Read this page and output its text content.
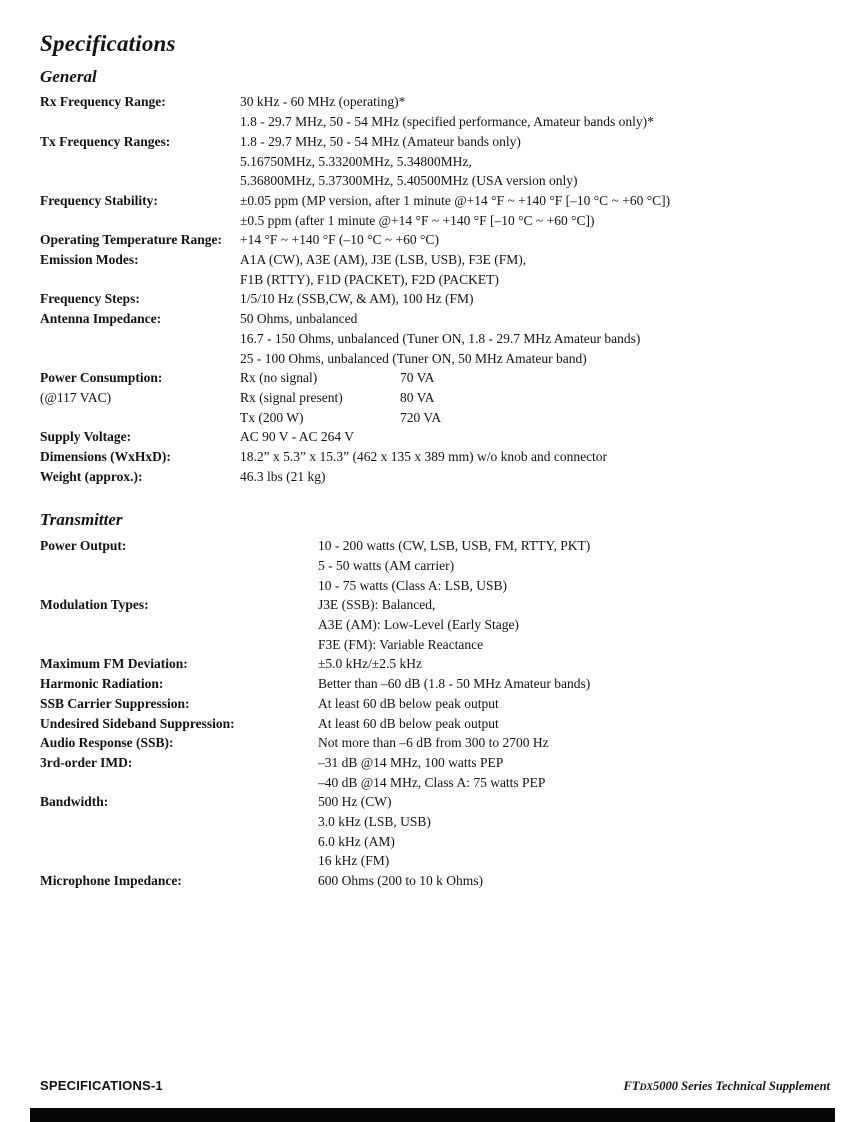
Specifications
General
Rx Frequency Range:	30 kHz - 60 MHz (operating)*
1.8 - 29.7 MHz, 50 - 54 MHz (specified performance, Amateur bands only)*
Tx Frequency Ranges:	1.8 - 29.7 MHz, 50 - 54 MHz (Amateur bands only)
5.16750MHz, 5.33200MHz, 5.34800MHz,
5.36800MHz, 5.37300MHz, 5.40500MHz (USA version only)
Frequency Stability:	±0.05 ppm (MP version, after 1 minute @+14 °F ~ +140 °F [–10 °C ~ +60 °C])
±0.5 ppm (after 1 minute @+14 °F ~ +140 °F [–10 °C ~ +60 °C])
Operating Temperature Range:	+14 °F ~ +140 °F (–10 °C ~ +60 °C)
Emission Modes:	A1A (CW), A3E (AM), J3E (LSB, USB), F3E (FM),
F1B (RTTY), F1D (PACKET), F2D (PACKET)
Frequency Steps:	1/5/10 Hz (SSB,CW, & AM), 100 Hz (FM)
Antenna Impedance:	50 Ohms, unbalanced
16.7 - 150 Ohms, unbalanced (Tuner ON, 1.8 - 29.7 MHz Amateur bands)
25 - 100 Ohms, unbalanced (Tuner ON, 50 MHz Amateur band)
Power Consumption:
(@117 VAC)
Rx (no signal)	70 VA
Rx (signal present)	80 VA
Tx (200 W)	720 VA
Supply Voltage:	AC 90 V - AC 264 V
Dimensions (WxHxD):	18.2” x 5.3” x 15.3” (462 x 135 x 389 mm) w/o knob and connector
Weight (approx.):	46.3 lbs (21 kg)
Transmitter
Power Output:	10 - 200 watts (CW, LSB, USB, FM, RTTY, PKT)
5 - 50 watts (AM carrier)
10 - 75 watts (Class A: LSB, USB)
Modulation Types:	J3E (SSB): Balanced,
A3E (AM): Low-Level (Early Stage)
F3E (FM): Variable Reactance
Maximum FM Deviation:	±5.0 kHz/±2.5 kHz
Harmonic Radiation:	Better than –60 dB (1.8 - 50 MHz Amateur bands)
SSB Carrier Suppression:	At least 60 dB below peak output
Undesired Sideband Suppression:	At least 60 dB below peak output
Audio Response (SSB):	Not more than –6 dB from 300 to 2700 Hz
3rd-order IMD:	–31 dB @14 MHz, 100 watts PEP
–40 dB @14 MHz, Class A: 75 watts PEP
Bandwidth:	500 Hz (CW)
3.0 kHz (LSB, USB)
6.0 kHz (AM)
16 kHz (FM)
Microphone Impedance:	600 Ohms (200 to 10 k Ohms)
SPECIFICATIONS-1	FTDX5000 Series Technical Supplement
